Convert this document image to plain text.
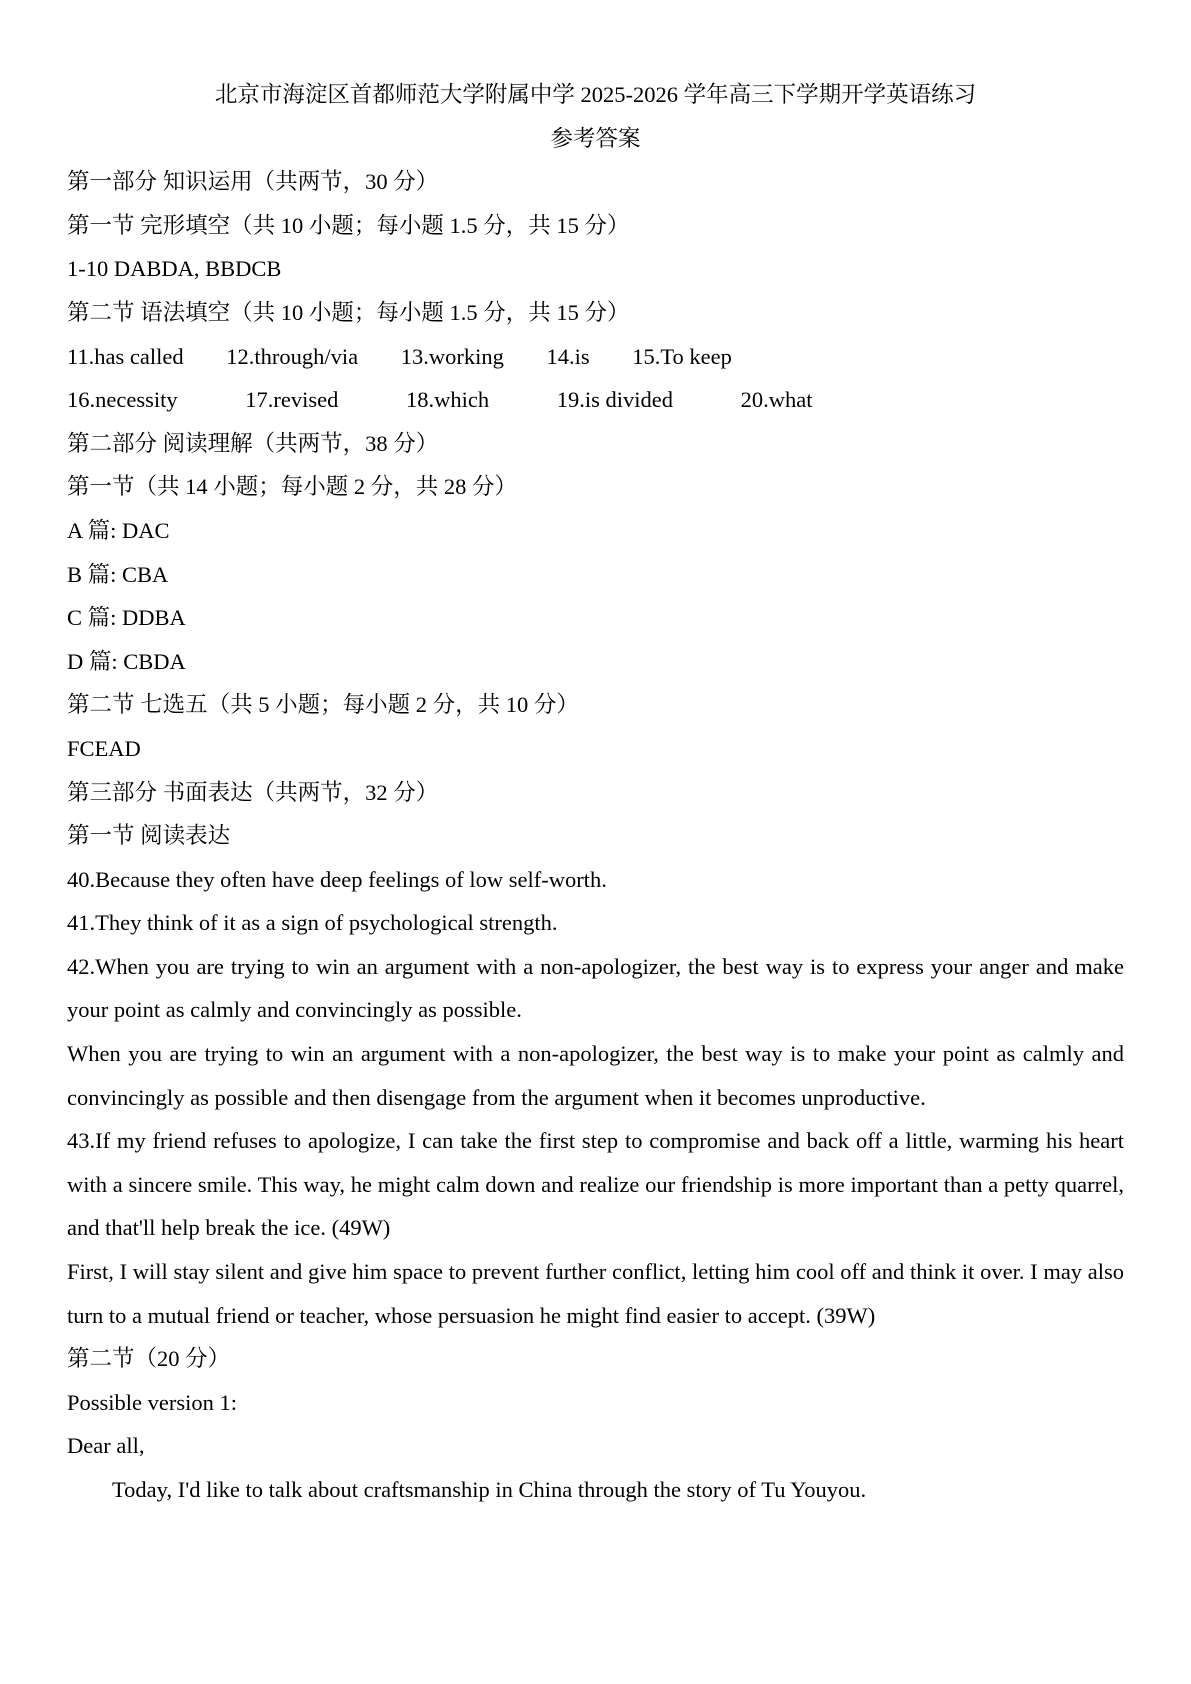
北京市海淀区首都师范大学附属中学 2025-2026 学年高三下学期开学英语练习

参考答案

第一部分 知识运用（共两节，30 分）

第一节 完形填空（共 10 小题；每小题 1.5 分，共 15 分）

1-10 DABDA, BBDCB

第二节 语法填空（共 10 小题；每小题 1.5 分，共 15 分）

11.has called 12.through/via 13.working 14.is 15.To keep

16.necessity	17.revised	18.which	19.is divided	20.what

第二部分 阅读理解（共两节，38 分）

第一节（共 14 小题；每小题 2 分，共 28 分）

A 篇: DAC

B 篇: CBA

C 篇: DDBA

D 篇: CBDA

第二节 七选五（共 5 小题；每小题 2 分，共 10 分）

FCEAD

第三部分 书面表达（共两节，32 分）

第一节 阅读表达

40.Because they often have deep feelings of low self-worth.

41.They think of it as a sign of psychological strength.

42.When you are trying to win an argument with a non-apologizer, the best way is to express your anger and make your point as calmly and convincingly as possible.

When you are trying to win an argument with a non-apologizer, the best way is to make your point as calmly and convincingly as possible and then disengage from the argument when it becomes unproductive.

43.If my friend refuses to apologize, I can take the first step to compromise and back off a little, warming his heart with a sincere smile. This way, he might calm down and realize our friendship is more important than a petty quarrel, and that'll help break the ice. (49W)

First, I will stay silent and give him space to prevent further conflict, letting him cool off and think it over. I may also turn to a mutual friend or teacher, whose persuasion he might find easier to accept. (39W)

第二节（20 分）

Possible version 1:

Dear all,

Today, I'd like to talk about craftsmanship in China through the story of Tu Youyou.
